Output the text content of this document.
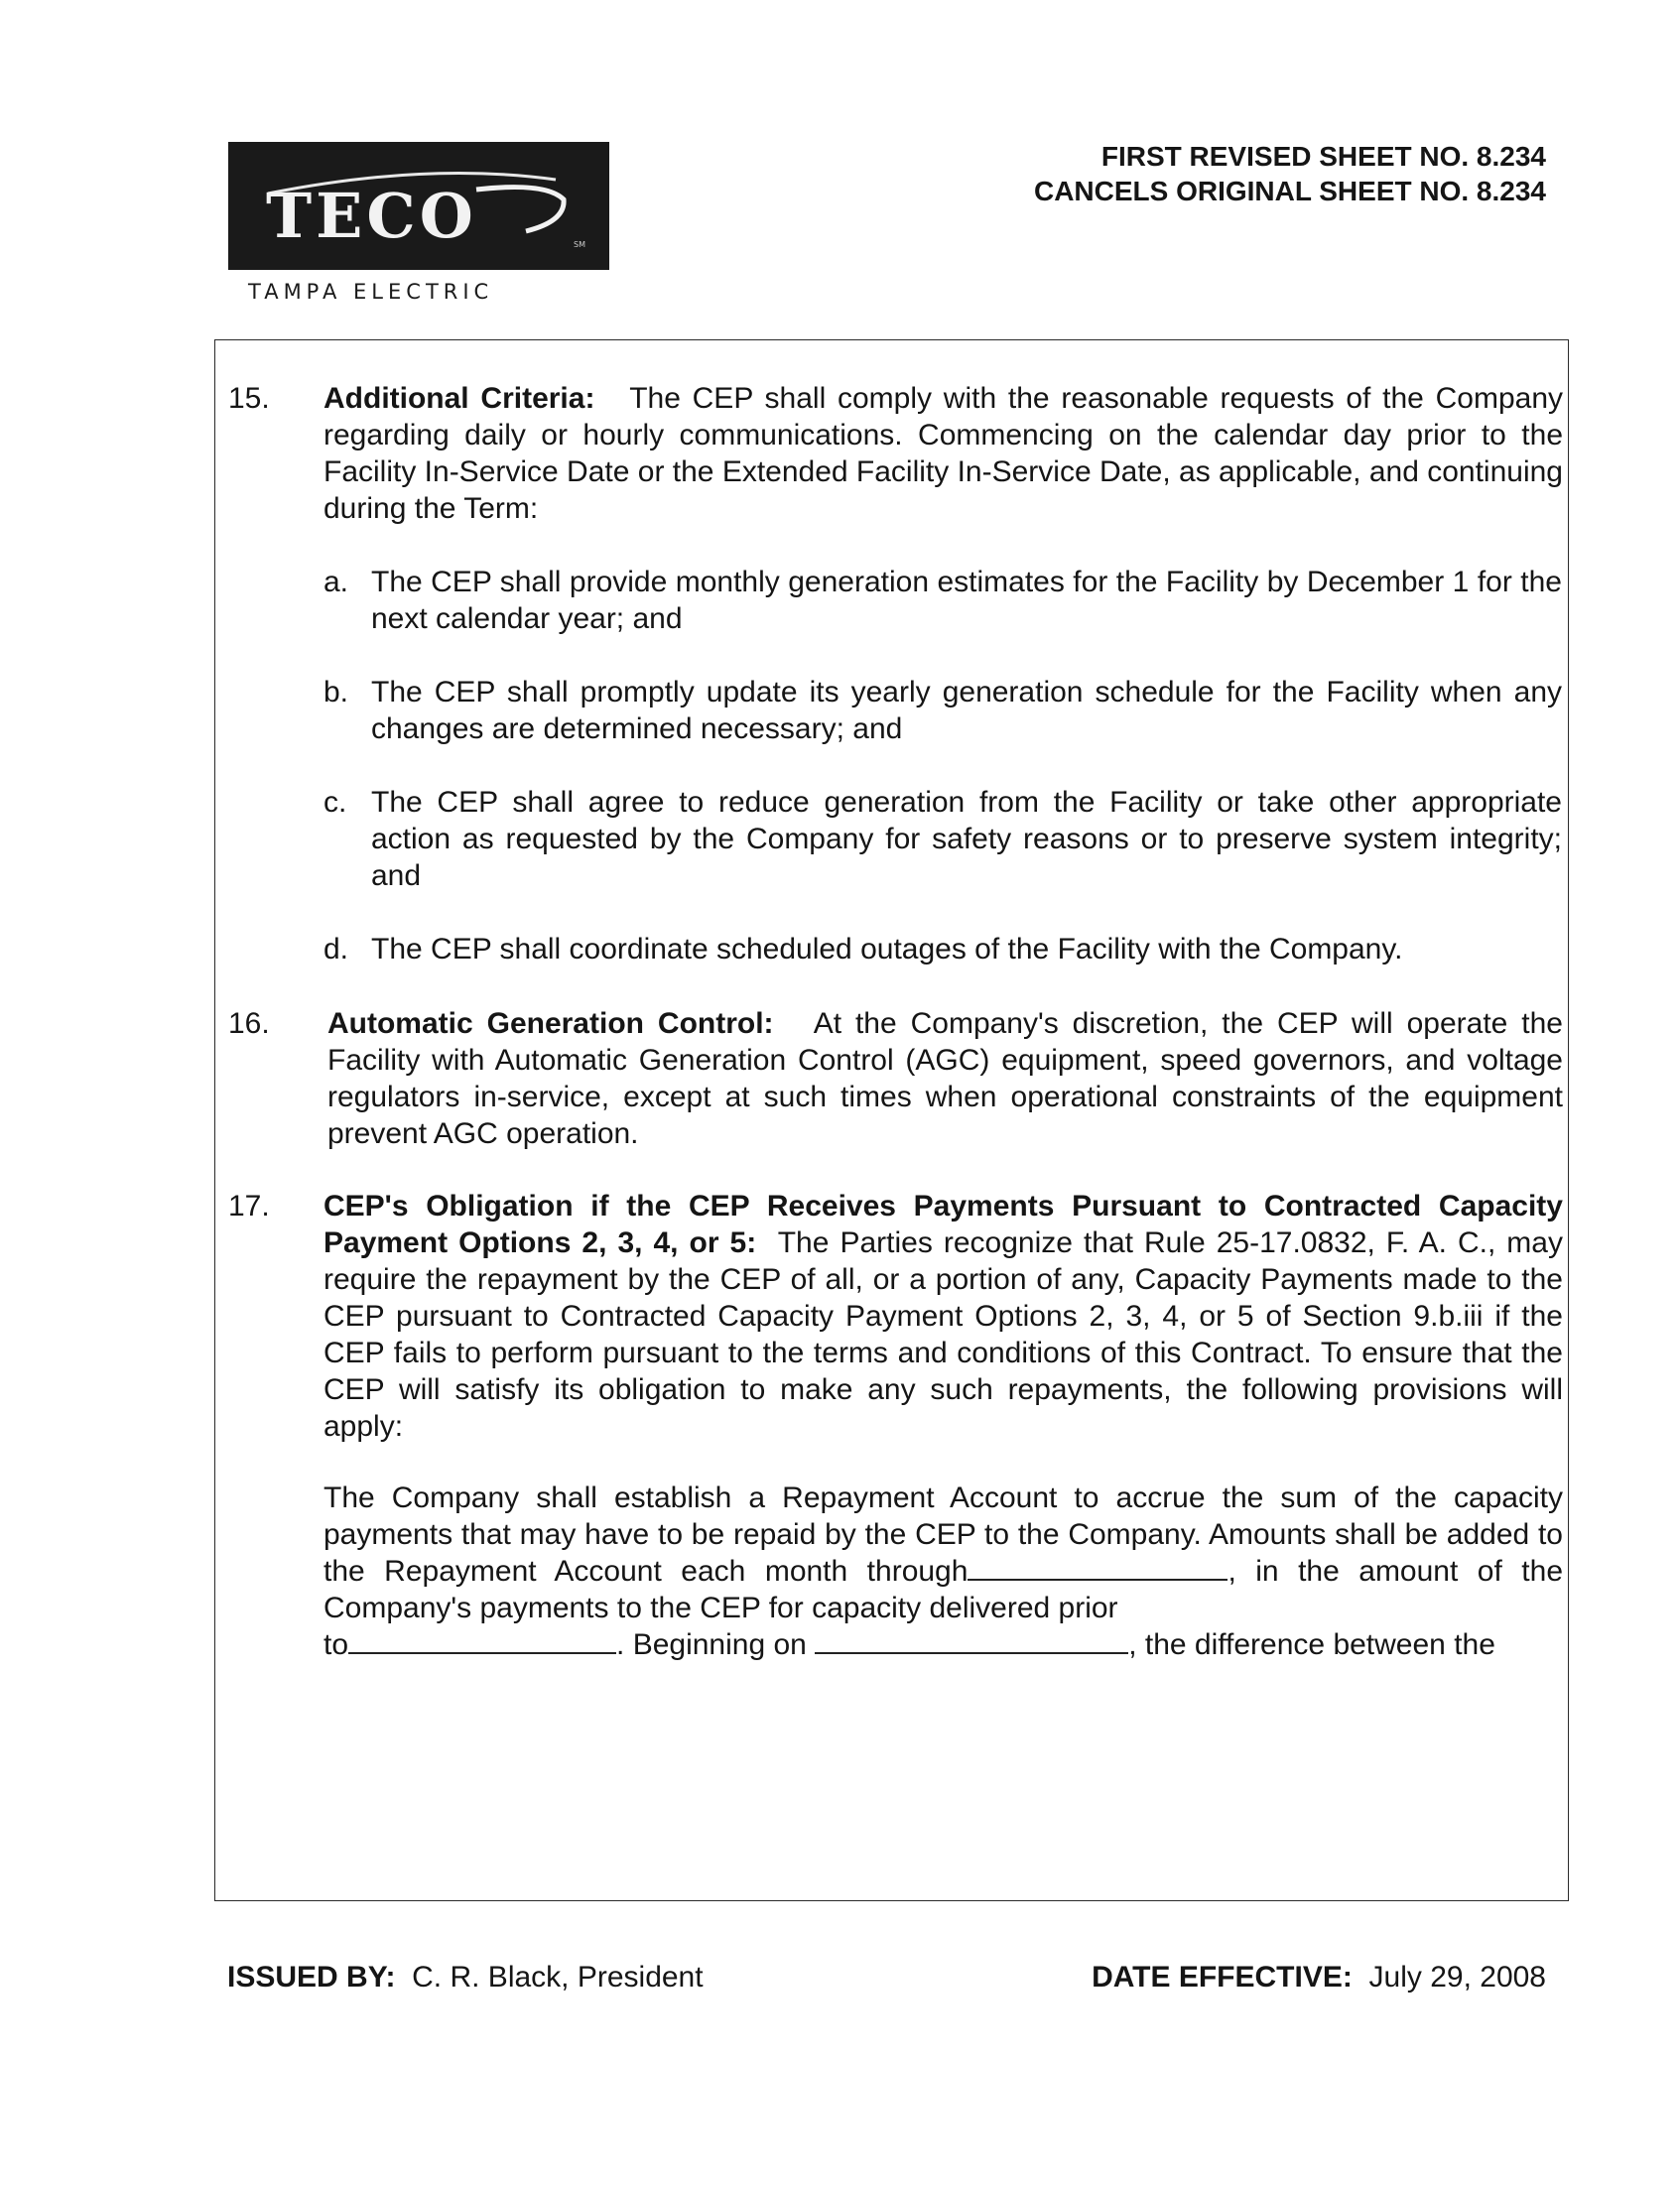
TECO	SM
TAMPA ELECTRIC
FIRST REVISED SHEET NO. 8.234
CANCELS ORIGINAL SHEET NO. 8.234
15. Additional Criteria: The CEP shall comply with the reasonable requests of the Company regarding daily or hourly communications. Commencing on the calendar day prior to the Facility In-Service Date or the Extended Facility In-Service Date, as applicable, and continuing during the Term:
a. The CEP shall provide monthly generation estimates for the Facility by December 1 for the next calendar year; and
b. The CEP shall promptly update its yearly generation schedule for the Facility when any changes are determined necessary; and
c. The CEP shall agree to reduce generation from the Facility or take other appropriate action as requested by the Company for safety reasons or to preserve system integrity; and
d. The CEP shall coordinate scheduled outages of the Facility with the Company.
16. Automatic Generation Control: At the Company's discretion, the CEP will operate the Facility with Automatic Generation Control (AGC) equipment, speed governors, and voltage regulators in-service, except at such times when operational constraints of the equipment prevent AGC operation.
17. CEP's Obligation if the CEP Receives Payments Pursuant to Contracted Capacity Payment Options 2, 3, 4, or 5: The Parties recognize that Rule 25-17.0832, F. A. C., may require the repayment by the CEP of all, or a portion of any, Capacity Payments made to the CEP pursuant to Contracted Capacity Payment Options 2, 3, 4, or 5 of Section 9.b.iii if the CEP fails to perform pursuant to the terms and conditions of this Contract. To ensure that the CEP will satisfy its obligation to make any such repayments, the following provisions will apply:
The Company shall establish a Repayment Account to accrue the sum of the capacity payments that may have to be repaid by the CEP to the Company. Amounts shall be added to the Repayment Account each month through	, in the amount of the Company's payments to the CEP for capacity delivered prior
to	. Beginning on	, the difference between the
ISSUED BY: C. R. Black, President	DATE EFFECTIVE: July 29, 2008
